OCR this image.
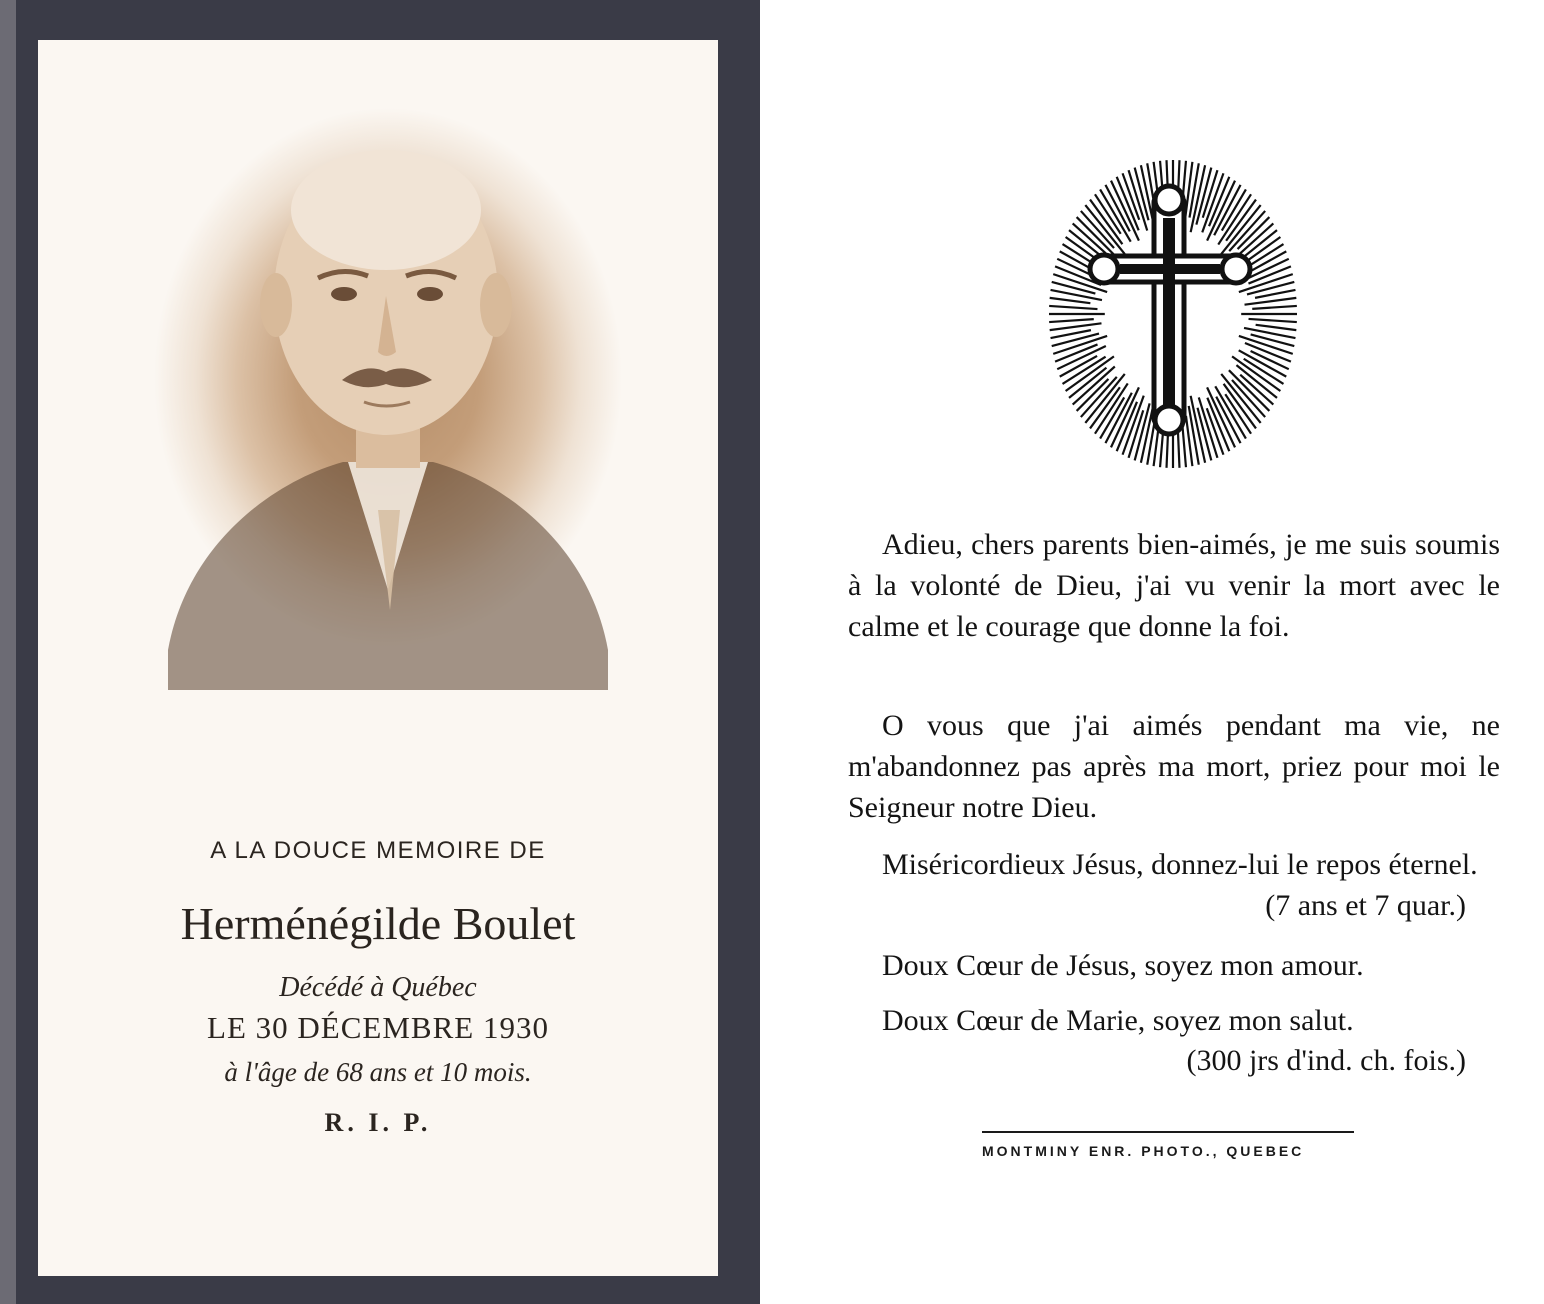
A LA DOUCE MEMOIRE DE
Herménégilde Boulet
Décédé à Québec
LE 30 DÉCEMBRE 1930
à l'âge de 68 ans et 10 mois.
R. I. P.
Adieu, chers parents bien-aimés, je me suis soumis à la volonté de Dieu, j'ai vu venir la mort avec le calme et le courage que donne la foi.
O vous que j'ai aimés pendant ma vie, ne m'abandonnez pas après ma mort, priez pour moi le Seigneur notre Dieu.
Miséricordieux Jésus, donnez-lui le repos éternel.
(7 ans et 7 quar.)
Doux Cœur de Jésus, soyez mon amour.
Doux Cœur de Marie, soyez mon salut.
(300 jrs d'ind. ch. fois.)
MONTMINY ENR. PHOTO., QUEBEC
